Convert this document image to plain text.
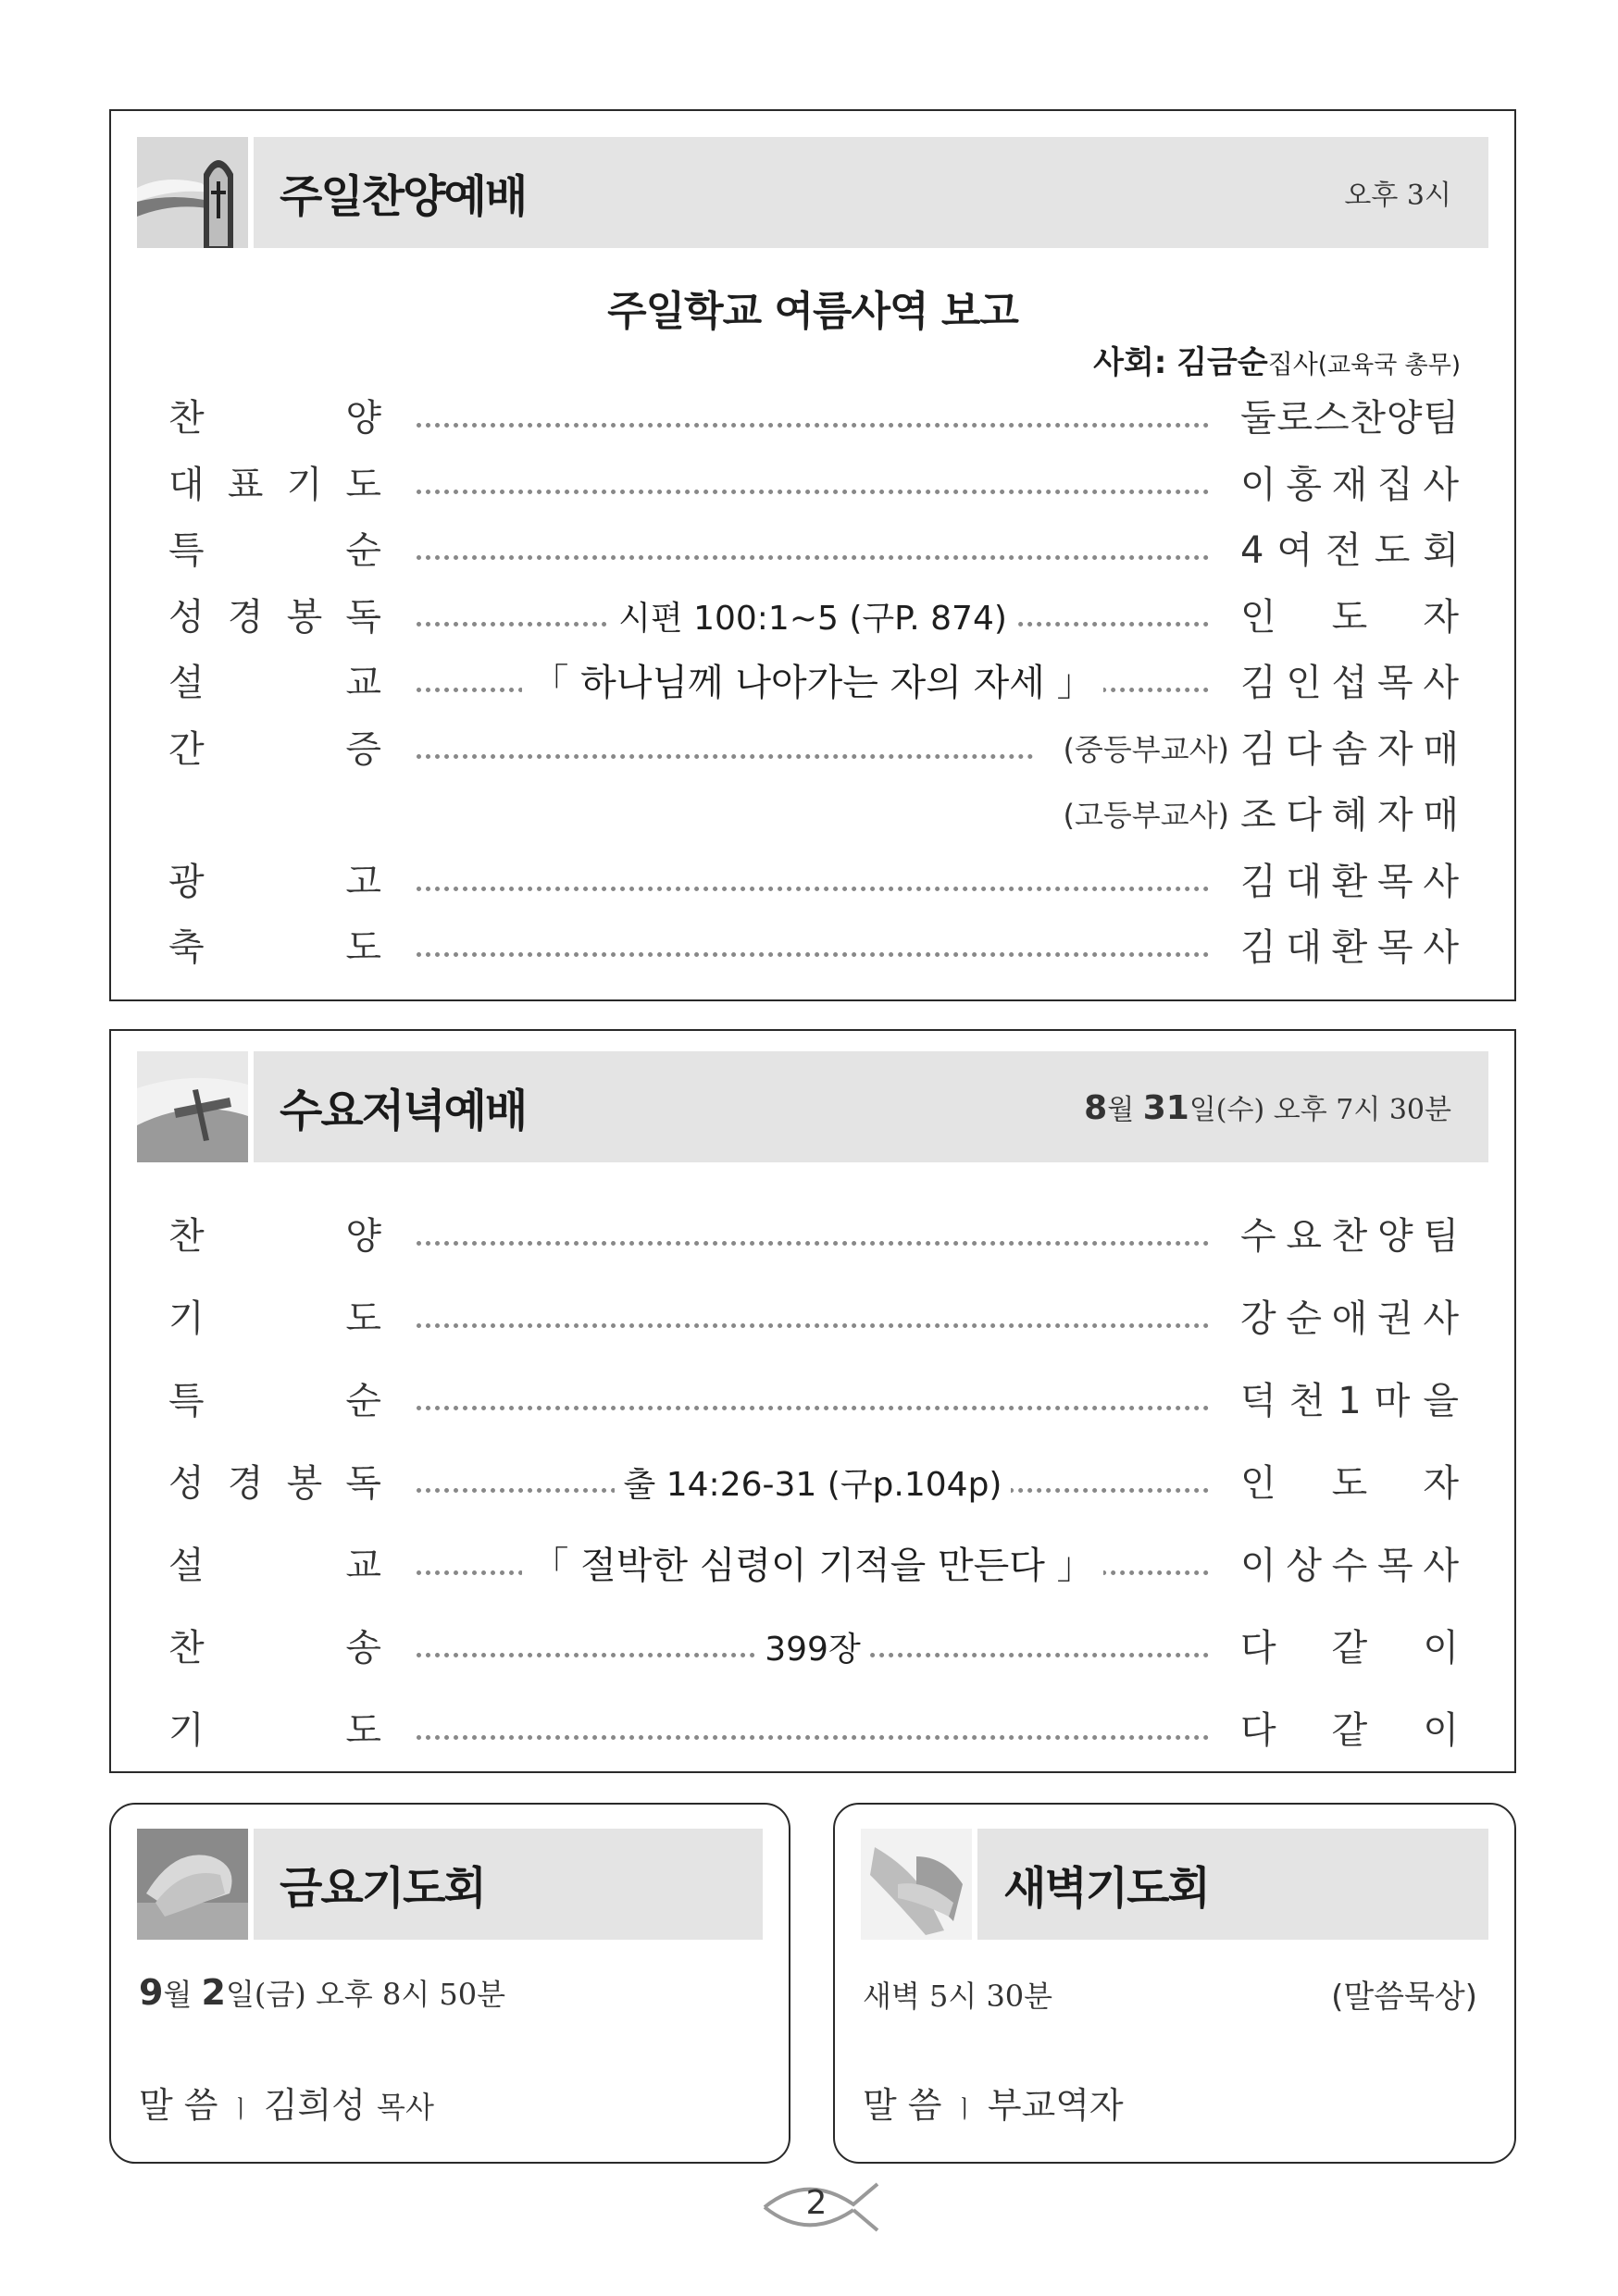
주일찬양예배	오후 3시
주일학교 여름사역 보고
사회: 김금순집사(교육국 총무)
찬	양	둘 로 스 찬 양 팀
대 표 기 도	이 홍 재 집 사
특	순	4 여 전 도 회
성 경 봉 독	시편 100:1~5 (구P. 874)	인 도 자
설	교	「 하나님께 나아가는 자의 자세 」	김 인 섭 목 사
간	증	(중등부교사) 김 다 솜 자 매
(고등부교사) 조 다 혜 자 매
광	고	김 대 환 목 사
축	도	김 대 환 목 사
수요저녁예배	8월 31일(수) 오후 7시 30분
찬	양	수 요 찬 양 팀
기	도	강 순 애 권 사
특	순	덕 천 1 마 을
성 경 봉 독	출 14:26-31 (구p.104p)	인 도 자
설	교	「 절박한 심령이 기적을 만든다 」	이 상 수 목 사
찬	송	399장	다 같 이
기	도	다 같 이
금요기도회
9월 2일(금) 오후 8시 50분
말 씀 ㅣ 김희성 목사
새벽기도회
새벽 5시 30분	(말씀묵상)
말 씀 ㅣ 부교역자
2
